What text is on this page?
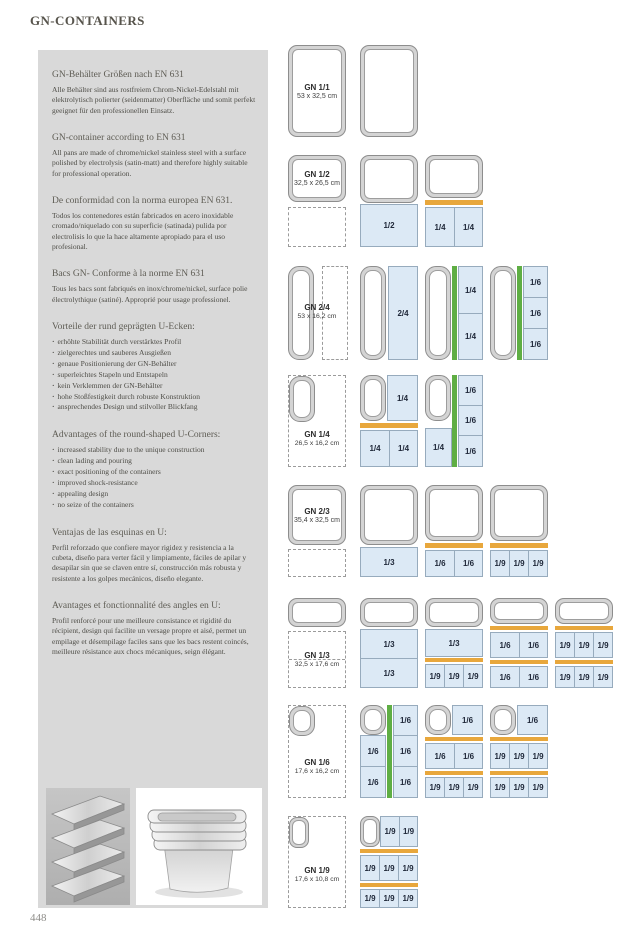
GN-CONTAINERS
GN-Behälter Größen nach EN 631

Alle Behälter sind aus rostfreiem Chrom-Nickel-Edelstahl mit elektrolytisch polierter (seidenmatter) Oberfläche und somit perfekt geeignet für den professionellen Einsatz.

GN-container according to EN 631

All pans are made of chrome/nickel stainless steel with a surface polished by electrolysis (satin-matt) and therefore highly suitable for professional operation.

De conformidad con la norma europea EN 631.

Todos los contenedores están fabricados en acero inoxidable cromado/niquelado con su superficie (satinada) pulida por electrolisis lo que la hace altamente apropiado para el uso profesional.

Bacs GN- Conforme à la norme EN 631

Tous les bacs sont fabriqués en inox/chrome/nickel, surface polie électrolythique (satiné). Approprié pour usage professionel.

Vorteile der rund geprägten U-Ecken:
· erhöhte Stabilität durch verstärktes Profil
· zielgerechtes und sauberes Ausgießen
· genaue Positionierung der GN-Behälter
· superleichtes Stapeln und Entstapeln
· kein Verklemmen der GN-Behälter
· hohe Stoßfestigkeit durch robuste Konstruktion
· ansprechendes Design und stilvoller Blickfang
Advantages of the round-shaped U-Corners:
· increased stability due to the unique construction
· clean lading and pouring
· exact positioning of the containers
· improved shock-resistance
· appealing design
· no seize of the containers
Ventajas de las esquinas en U:

Perfil reforzado que confiere mayor rigidez y resistencia a la cubeta, diseño para verter fácil y limpiamente, fáciles de apilar y desapilar sin que se claven entre sí, construcción más robusta y resistente a los golpes mecánicos, diseño elegante.

Avantages et fonctionnalité des angles en U:

Profil renforcé pour une meilleure consistance et rigidité du récipient, design qui facilite un versage propre et aisé, permet un empilage et désempilage faciles sans que les bacs restent coincés, meilleure résistance aux chocs mécaniques, seign élégant.

GN 1/1
53 x 32,5 cm
GN 1/2
32,5 x 26,5 cm
1/2	1/4	1/4
GN 2/4
53 x 16,2 cm	2/4
1/4
1/4
1/6
1/6
1/6
GN 1/4
26,5 x 16,2 cm
1/4
1/4	1/4	1/4
1/6
1/6
1/6
GN 2/3
35,4 x 32,5 cm
1/3	1/6	1/6	1/9 1/9 1/9
GN 1/3
32,5 x 17,6 cm
1/3
1/3
1/3
1/9 1/9 1/9
1/6	1/6
1/6	1/6
1/9 1/9 1/9
1/9 1/9 1/9
GN 1/6
17,6 x 16,2 cm
1/6
1/6	1/6
1/6	1/6
1/6
1/6	1/6
1/9 1/9 1/9
1/6
1/9 1/9 1/9
1/9 1/9 1/9
GN 1/9
17,6 x 10,8 cm
1/9 1/9
1/9 1/9 1/9
1/9 1/9 1/9
448
